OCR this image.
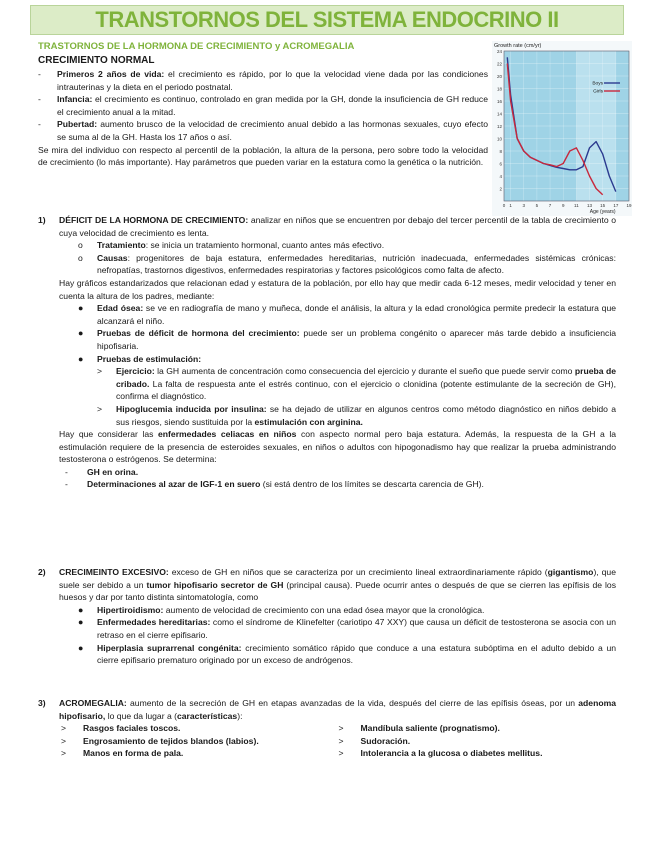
TRANSTORNOS DEL SISTEMA ENDOCRINO II
TRASTORNOS DE LA HORMONA DE CRECIMIENTO y ACROMEGALIA
CRECIMIENTO NORMAL
-	Primeros 2 años de vida: el crecimiento es rápido, por lo que la velocidad viene dada por las condiciones intrauterinas y la dieta en el periodo postnatal.
-	Infancia: el crecimiento es continuo, controlado en gran medida por la GH, donde la insuficiencia de GH reduce el crecimiento anual a la mitad.
-	Pubertad: aumento brusco de la velocidad de crecimiento anual debido a las hormonas sexuales, cuyo efecto se suma al de la GH. Hasta los 17 años o así.

Se mira del individuo con respecto al percentil de la población, la altura de la persona, pero sobre todo la velocidad de crecimiento (lo más importante). Hay parámetros que pueden variar en la estatura como la genética o la nutrición.

2
4
6
8
10
12
14
16
18
20
22
24
0 1 3 5 7 9 11 13 15 17 19
Growth rate (cm/yr)
Age (years)
Boys
Girls
1)	DÉFICIT DE LA HORMONA DE CRECIMIENTO: analizar en niños que se encuentren por debajo del tercer percentil de la tabla de crecimiento o cuya velocidad de crecimiento es lenta.
o	Tratamiento: se inicia un tratamiento hormonal, cuanto antes más efectivo.
o	Causas: progenitores de baja estatura, enfermedades hereditarias, nutrición inadecuada, enfermedades sistémicas crónicas: nefropatías, trastornos digestivos, enfermedades respiratorias y factores psicológicos como falta de afecto.
Hay gráficos estandarizados que relacionan edad y estatura de la población, por ello hay que medir cada 6-12 meses, medir velocidad y tener en cuenta la altura de los padres, mediante:
●	Edad ósea: se ve en radiografía de mano y muñeca, donde el análisis, la altura y la edad cronológica permite predecir la estatura que alcanzará el niño.
●	Pruebas de déficit de hormona del crecimiento: puede ser un problema congénito o aparecer más tarde debido a insuficiencia hipofisaria.
●	Pruebas de estimulación:
>	Ejercicio: la GH aumenta de concentración como consecuencia del ejercicio y durante el sueño que puede servir como prueba de cribado. La falta de respuesta ante el estrés continuo, con el ejercicio o clonidina (potente estimulante de la secreción de GH), confirma el diagnóstico.
>	Hipoglucemia inducida por insulina: se ha dejado de utilizar en algunos centros como método diagnóstico en niños debido a sus riesgos, siendo sustituida por la estimulación con arginina.
Hay que considerar las enfermedades celiacas en niños con aspecto normal pero baja estatura. Además, la respuesta de la GH a la estimulación requiere de la presencia de esteroides sexuales, en niños o adultos con hipogonadismo hay que realizar la prueba administrando testosterona o estrógenos. Se determina:
-	GH en orina.
-	Determinaciones al azar de IGF-1 en suero (si está dentro de los límites se descarta carencia de GH).
2)	CRECIMEINTO EXCESIVO: exceso de GH en niños que se caracteriza por un crecimiento lineal extraordinariamente rápido (gigantismo), que suele ser debido a un tumor hipofisario secretor de GH (principal causa). Puede ocurrir antes o después de que se cierren las epífisis de los huesos y dar por tanto distinta sintomatología, como
●	Hipertiroidismo: aumento de velocidad de crecimiento con una edad ósea mayor que la cronológica.
●	Enfermedades hereditarias: como el síndrome de Klinefelter (cariotipo 47 XXY) que causa un déficit de testosterona se asocia con un retraso en el cierre epifisario.
●	Hiperplasia suprarrenal congénita: crecimiento somático rápido que conduce a una estatura subóptima en el adulto debido a un cierre epifisario prematuro originado por un exceso de andrógenos.
3)	ACROMEGALIA: aumento de la secreción de GH en etapas avanzadas de la vida, después del cierre de las epífisis óseas, por un adenoma hipofisario, lo que da lugar a (características):
>	Rasgos faciales toscos.
>	Engrosamiento de tejidos blandos (labios).
>	Manos en forma de pala.
>	Mandíbula saliente (prognatismo).
>	Sudoración.
>	Intolerancia a la glucosa o diabetes mellitus.
